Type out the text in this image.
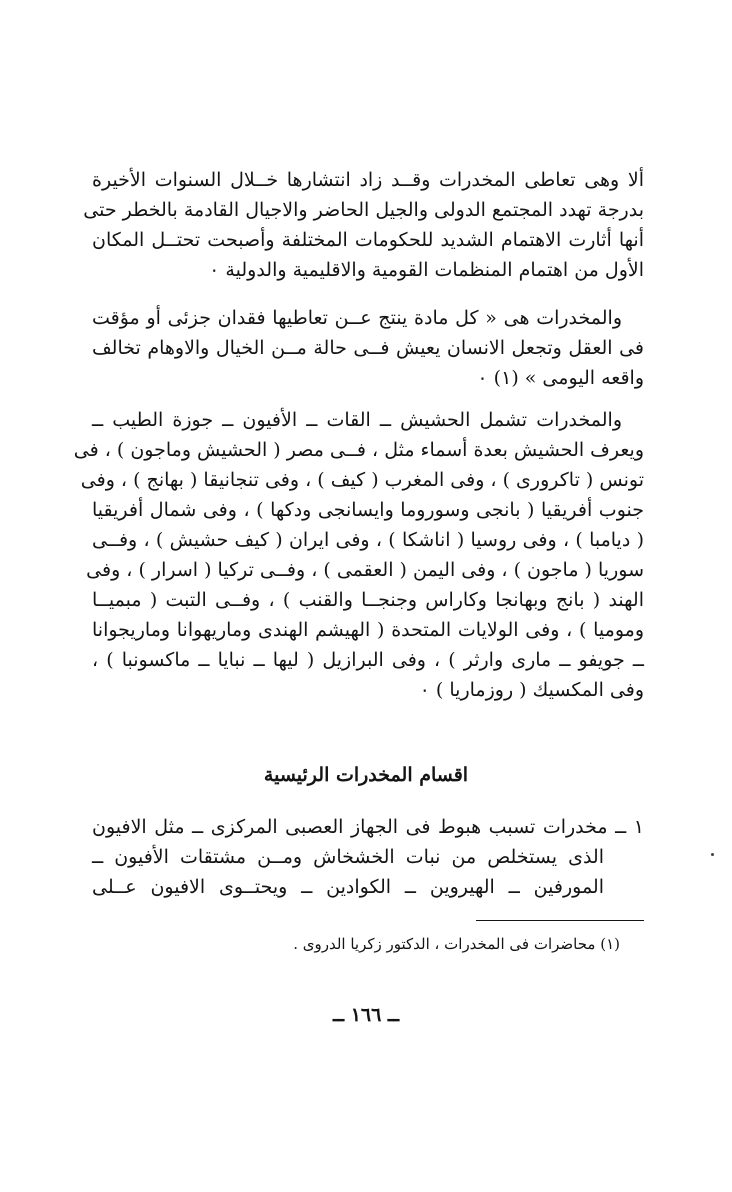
ألا وهى تعاطى المخدرات وقــد زاد انتشارها خــلال السنوات الأخيرة
بدرجة تهدد المجتمع الدولى والجيل الحاضر والاجيال القادمة بالخطر حتى
أنها أثارت الاهتمام الشديد للحكومات المختلفة وأصبحت تحتــل المكان
الأول من اهتمام المنظمات القومية والاقليمية والدولية ٠

والمخدرات هى « كل مادة ينتج عــن تعاطيها فقدان جزئى أو مؤقت
فى العقل وتجعل الانسان يعيش فــى حالة مــن الخيال والاوهام تخالف
واقعه اليومى » (١) ٠

والمخدرات تشمل الحشيش ــ القات ــ الأفيون ــ جوزة الطيب ــ
ويعرف الحشيش بعدة أسماء مثل ، فــى مصر ( الحشيش وماجون ) ، فى
تونس ( تاكرورى ) ، وفى المغرب ( كيف ) ، وفى تنجانيقا ( بهانج ) ، وفى
جنوب أفريقيا ( بانجى وسوروما وايسانجى ودكها ) ، وفى شمال أفريقيا
( ديامبا ) ، وفى روسيا ( اناشكا ) ، وفى ايران ( كيف حشيش ) ، وفــى
سوريا ( ماجون ) ، وفى اليمن ( العقمى ) ، وفــى تركيا ( اسرار ) ، وفى
الهند ( بانج وبهانجا وكاراس وجنجــا والقنب ) ، وفــى التبت ( مبميــا
وموميا ) ، وفى الولايات المتحدة ( الهيشم الهندى وماريهوانا وماريجوانا
ــ جويفو ــ مارى وارثر ) ، وفى البرازيل ( ليها ــ نبايا ــ ماكسونبا ) ،
وفى المكسيك ( روزماريا ) ٠

اقسام المخدرات الرئيسية

١ ــ مخدرات تسبب هبوط فى الجهاز العصبى المركزى ــ مثل الافيون
الذى يستخلص من نبات الخشخاش ومــن مشتقات الأفيون ــ
المورفين ــ الهيروين ــ الكوادين ــ ويحتــوى الافيون عــلى

(١) محاضرات فى المخدرات ، الدكتور زكريا الدروى .
ــ ١٦٦ ــ
